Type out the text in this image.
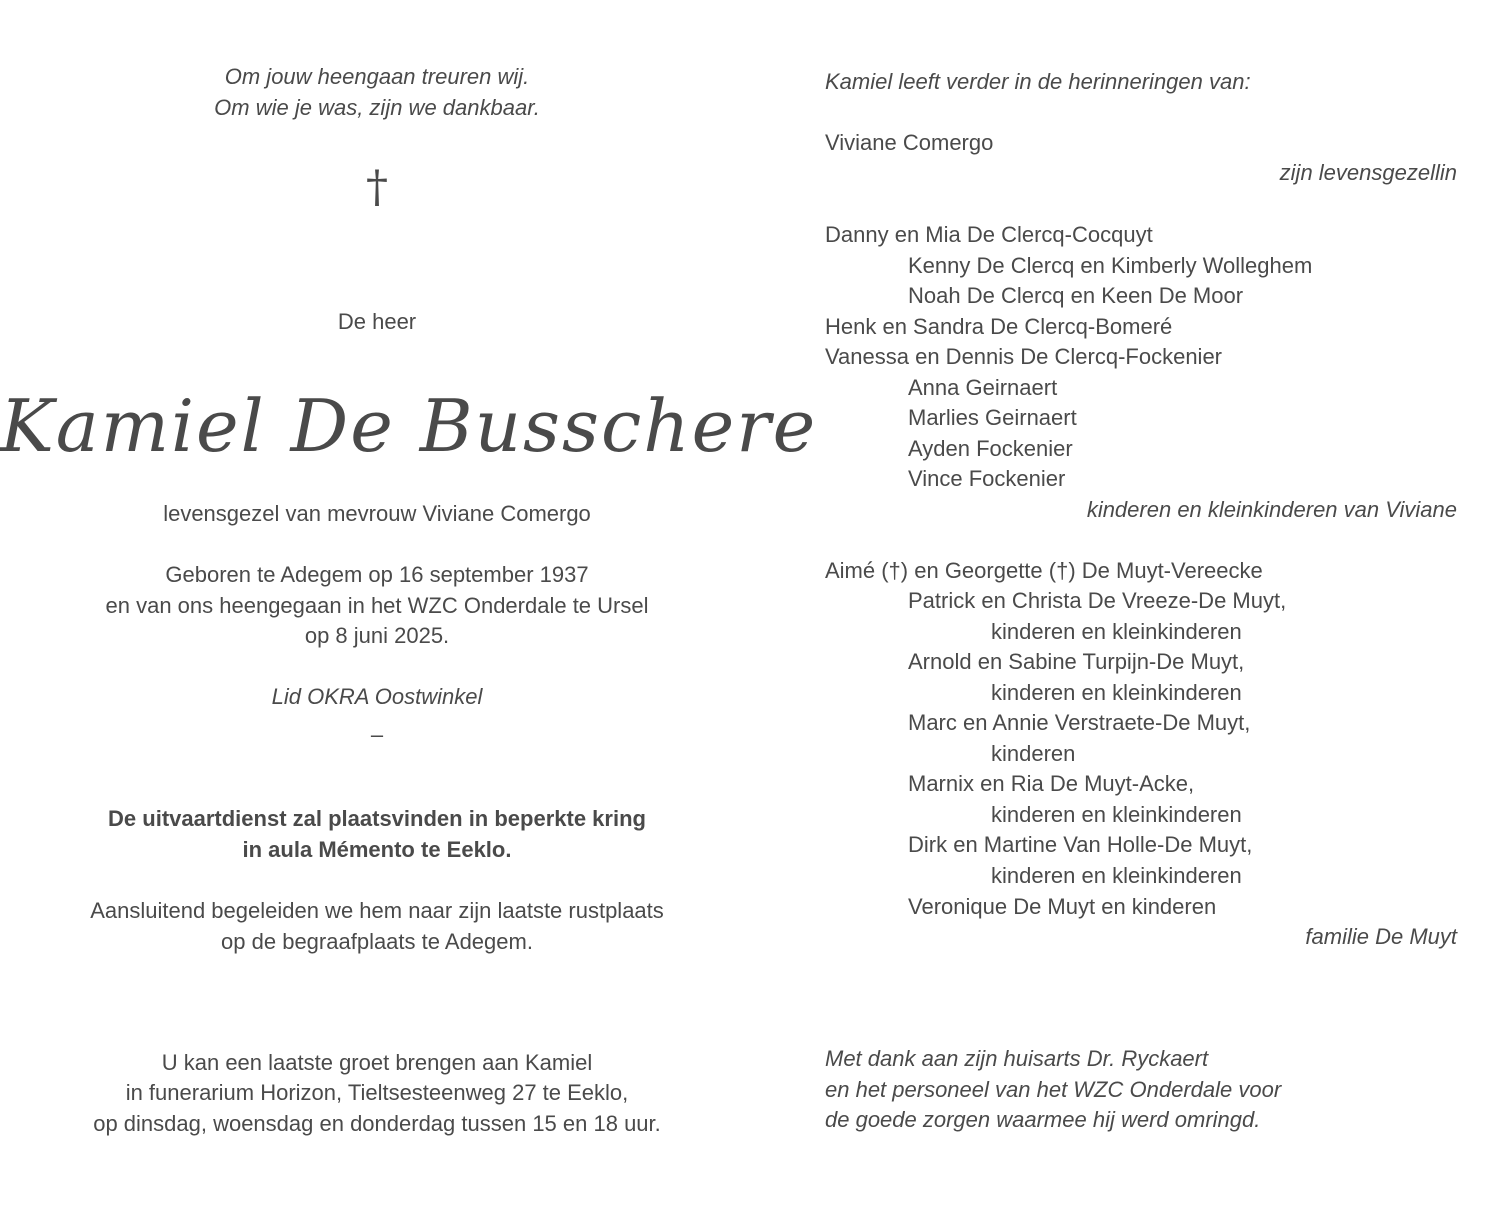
Om jouw heengaan treuren wij.
Om wie je was, zijn we dankbaar.
†
De heer
Kamiel De Busschere
levensgezel van mevrouw Viviane Comergo
Geboren te Adegem op 16 september 1937
en van ons heengegaan in het WZC Onderdale te Ursel
op 8 juni 2025.
Lid OKRA Oostwinkel
–
De uitvaartdienst zal plaatsvinden in beperkte kring
in aula Mémento te Eeklo.
Aansluitend begeleiden we hem naar zijn laatste rustplaats
op de begraafplaats te Adegem.
U kan een laatste groet brengen aan Kamiel
in funerarium Horizon, Tieltsesteenweg 27 te Eeklo,
op dinsdag, woensdag en donderdag tussen 15 en 18 uur.
Kamiel leeft verder in de herinneringen van:
Viviane Comergo
zijn levensgezellin
Danny en Mia De Clercq-Cocquyt
Kenny De Clercq en Kimberly Wolleghem
Noah De Clercq en Keen De Moor
Henk en Sandra De Clercq-Bomeré
Vanessa en Dennis De Clercq-Fockenier
Anna Geirnaert
Marlies Geirnaert
Ayden Fockenier
Vince Fockenier
kinderen en kleinkinderen van Viviane
Aimé (†) en Georgette (†) De Muyt-Vereecke
Patrick en Christa De Vreeze-De Muyt,
kinderen en kleinkinderen
Arnold en Sabine Turpijn-De Muyt,
kinderen en kleinkinderen
Marc en Annie Verstraete-De Muyt,
kinderen
Marnix en Ria De Muyt-Acke,
kinderen en kleinkinderen
Dirk en Martine Van Holle-De Muyt,
kinderen en kleinkinderen
Veronique De Muyt en kinderen
familie De Muyt
Met dank aan zijn huisarts Dr. Ryckaert
en het personeel van het WZC Onderdale voor
de goede zorgen waarmee hij werd omringd.
